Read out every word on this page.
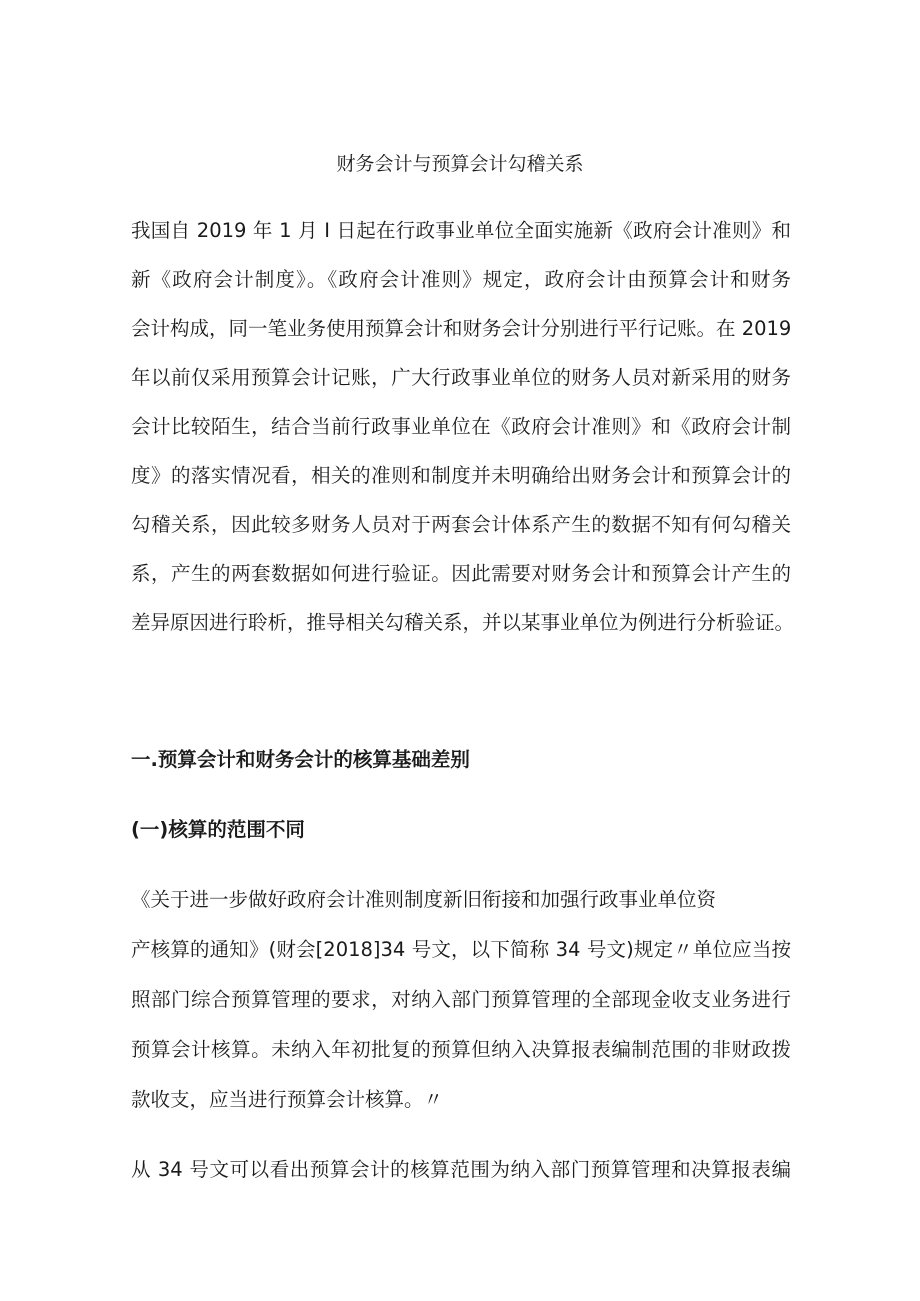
财务会计与预算会计勾稽关系

我国自 2019 年 1 月 I 日起在行政事业单位全面实施新《政府会计准则》和

新《政府会计制度》。《政府会计准则》规定，政府会计由预算会计和财务

会计构成，同一笔业务使用预算会计和财务会计分别进行平行记账。在 2019

年以前仅采用预算会计记账，广大行政事业单位的财务人员对新采用的财务

会计比较陌生，结合当前行政事业单位在《政府会计准则》和《政府会计制

度》的落实情况看，相关的准则和制度并未明确给出财务会计和预算会计的

勾稽关系，因此较多财务人员对于两套会计体系产生的数据不知有何勾稽关

系，产生的两套数据如何进行验证。因此需要对财务会计和预算会计产生的

差异原因进行聆析，推导相关勾稽关系，并以某事业单位为例进行分析验证。

一.预算会计和财务会计的核算基础差别
(一)核算的范围不同

《关于进一步做好政府会计准则制度新旧衔接和加强行政事业单位资

产核算的通知》(财会[2018]34 号文，以下简称 34 号文)规定〃单位应当按

照部门综合预算管理的要求，对纳入部门预算管理的全部现金收支业务进行

预算会计核算。未纳入年初批复的预算但纳入决算报表编制范围的非财政拨

款收支，应当进行预算会计核算。〃

从 34 号文可以看出预算会计的核算范围为纳入部门预算管理和决算报表编
